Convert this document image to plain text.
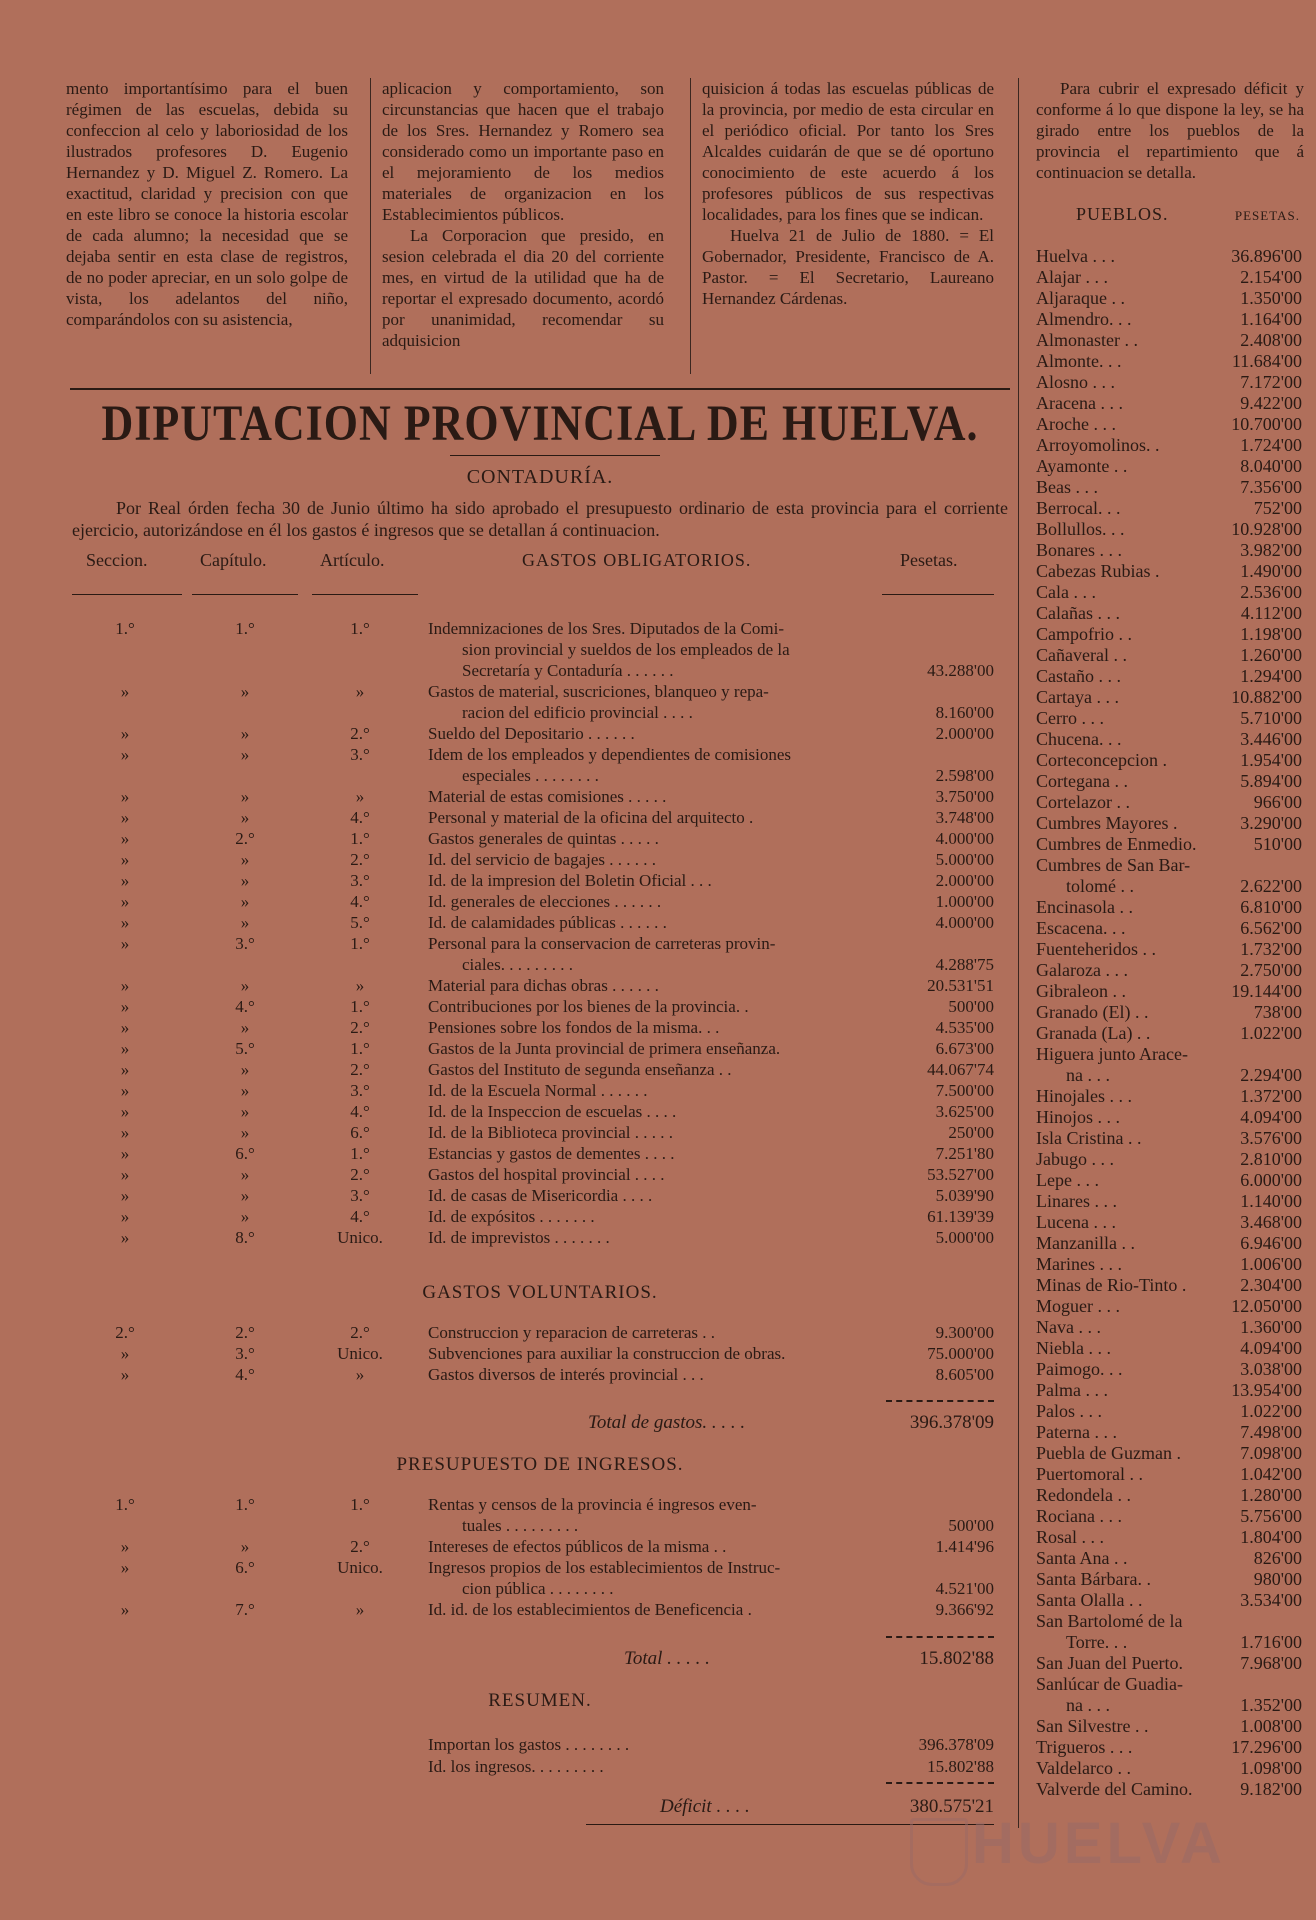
mento importantísimo para el buen régimen de las escuelas, debida su confeccion al celo y laboriosidad de los ilustrados profesores D. Eugenio Hernandez y D. Miguel Z. Romero. La exactitud, claridad y precision con que en este libro se conoce la historia escolar de cada alumno; la necesidad que se dejaba sentir en esta clase de registros, de no poder apreciar, en un solo golpe de vista, los adelantos del niño, comparándolos con su asistencia,

aplicacion y comportamiento, son circunstancias que hacen que el trabajo de los Sres. Hernandez y Romero sea considerado como un importante paso en el mejoramiento de los medios materiales de organizacion en los Establecimientos públicos.

La Corporacion que presido, en sesion celebrada el dia 20 del corriente mes, en virtud de la utilidad que ha de reportar el expresado documento, acordó por unanimidad, recomendar su adquisicion

quisicion á todas las escuelas públicas de la provincia, por medio de esta circular en el periódico oficial. Por tanto los Sres Alcaldes cuidarán de que se dé oportuno conocimiento de este acuerdo á los profesores públicos de sus respectivas localidades, para los fines que se indican.

Huelva 21 de Julio de 1880. = El Gobernador, Presidente, Francisco de A. Pastor. = El Secretario, Laureano Hernandez Cárdenas.

DIPUTACION PROVINCIAL DE HUELVA.
CONTADURÍA.
Por Real órden fecha 30 de Junio último ha sido aprobado el presupuesto ordinario de esta provincia para el corriente ejercicio, autorizándose en él los gastos é ingresos que se detallan á continuacion.
Seccion.	Capítulo.	Artículo.	GASTOS OBLIGATORIOS.	Pesetas.
1.°	1.°	1.°	Indemnizaciones de los Sres. Diputados de la Comi-
sion provincial y sueldos de los empleados de la
Secretaría y Contaduría . . . . . .	43.288'00
»	»	»	Gastos de material, suscriciones, blanqueo y repa-
racion del edificio provincial . . . .	8.160'00
»	»	2.°	Sueldo del Depositario . . . . . .	2.000'00
»	»	3.°	Idem de los empleados y dependientes de comisiones
especiales . . . . . . . .	2.598'00
»	»	»	Material de estas comisiones . . . . .	3.750'00
»	»	4.°	Personal y material de la oficina del arquitecto .	3.748'00
»	2.°	1.°	Gastos generales de quintas . . . . .	4.000'00
»	»	2.°	Id. del servicio de bagajes . . . . . .	5.000'00
»	»	3.°	Id. de la impresion del Boletin Oficial . . .	2.000'00
»	»	4.°	Id. generales de elecciones . . . . . .	1.000'00
»	»	5.°	Id. de calamidades públicas . . . . . .	4.000'00
»	3.°	1.°	Personal para la conservacion de carreteras provin-
ciales. . . . . . . . .	4.288'75
»	»	»	Material para dichas obras . . . . . .	20.531'51
»	4.°	1.°	Contribuciones por los bienes de la provincia. .	500'00
»	»	2.°	Pensiones sobre los fondos de la misma. . .	4.535'00
»	5.°	1.°	Gastos de la Junta provincial de primera enseñanza.	6.673'00
»	»	2.°	Gastos del Instituto de segunda enseñanza . .	44.067'74
»	»	3.°	Id. de la Escuela Normal . . . . . .	7.500'00
»	»	4.°	Id. de la Inspeccion de escuelas . . . .	3.625'00
»	»	6.°	Id. de la Biblioteca provincial . . . . .	250'00
»	6.°	1.°	Estancias y gastos de dementes . . . .	7.251'80
»	»	2.°	Gastos del hospital provincial . . . .	53.527'00
»	»	3.°	Id. de casas de Misericordia . . . .	5.039'90
»	»	4.°	Id. de expósitos . . . . . . .	61.139'39
»	8.°	Unico.	Id. de imprevistos . . . . . . .	5.000'00
GASTOS VOLUNTARIOS.
2.°	2.°	2.°	Construccion y reparacion de carreteras . .	9.300'00
»	3.°	Unico.	Subvenciones para auxiliar la construccion de obras.	75.000'00
»	4.°	»	Gastos diversos de interés provincial . . .	8.605'00
Total de gastos. . . . .	396.378'09
PRESUPUESTO DE INGRESOS.
1.°	1.°	1.°	Rentas y censos de la provincia é ingresos even-
tuales . . . . . . . . .	500'00
»	»	2.°	Intereses de efectos públicos de la misma . .	1.414'96
»	6.°	Unico.	Ingresos propios de los establecimientos de Instruc-
cion pública . . . . . . . .	4.521'00
»	7.°	»	Id. id. de los establecimientos de Beneficencia .	9.366'92
Total . . . . .	15.802'88
RESUMEN.
Importan los gastos . . . . . . . .	396.378'09
Id. los ingresos. . . . . . . . .	15.802'88
Déficit . . . .	380.575'21
Para cubrir el expresado déficit y conforme á lo que dispone la ley, se ha girado entre los pueblos de la provincia el repartimiento que á continuacion se detalla.
PUEBLOS.	PESETAS.
Huelva . . .	36.896'00
Alajar . . .	2.154'00
Aljaraque . .	1.350'00
Almendro. . .	1.164'00
Almonaster . .	2.408'00
Almonte. . .	11.684'00
Alosno . . .	7.172'00
Aracena . . .	9.422'00
Aroche . . .	10.700'00
Arroyomolinos. .	1.724'00
Ayamonte . .	8.040'00
Beas . . .	7.356'00
Berrocal. . .	752'00
Bollullos. . .	10.928'00
Bonares . . .	3.982'00
Cabezas Rubias .	1.490'00
Cala . . .	2.536'00
Calañas . . .	4.112'00
Campofrio . .	1.198'00
Cañaveral . .	1.260'00
Castaño . . .	1.294'00
Cartaya . . .	10.882'00
Cerro . . .	5.710'00
Chucena. . .	3.446'00
Corteconcepcion .	1.954'00
Cortegana . .	5.894'00
Cortelazor . .	966'00
Cumbres Mayores .	3.290'00
Cumbres de Enmedio.	510'00
Cumbres de San Bar-
tolomé . .	2.622'00
Encinasola . .	6.810'00
Escacena. . .	6.562'00
Fuenteheridos . .	1.732'00
Galaroza . . .	2.750'00
Gibraleon . .	19.144'00
Granado (El) . .	738'00
Granada (La) . .	1.022'00
Higuera junto Arace-
na . . .	2.294'00
Hinojales . . .	1.372'00
Hinojos . . .	4.094'00
Isla Cristina . .	3.576'00
Jabugo . . .	2.810'00
Lepe . . .	6.000'00
Linares . . .	1.140'00
Lucena . . .	3.468'00
Manzanilla . .	6.946'00
Marines . . .	1.006'00
Minas de Rio-Tinto .	2.304'00
Moguer . . .	12.050'00
Nava . . .	1.360'00
Niebla . . .	4.094'00
Paimogo. . .	3.038'00
Palma . . .	13.954'00
Palos . . .	1.022'00
Paterna . . .	7.498'00
Puebla de Guzman .	7.098'00
Puertomoral . .	1.042'00
Redondela . .	1.280'00
Rociana . . .	5.756'00
Rosal . . .	1.804'00
Santa Ana . .	826'00
Santa Bárbara. .	980'00
Santa Olalla . .	3.534'00
San Bartolomé de la
Torre. . .	1.716'00
San Juan del Puerto.	7.968'00
Sanlúcar de Guadia-
na . . .	1.352'00
San Silvestre . .	1.008'00
Trigueros . . .	17.296'00
Valdelarco . .	1.098'00
Valverde del Camino.	9.182'00
HUELVA
